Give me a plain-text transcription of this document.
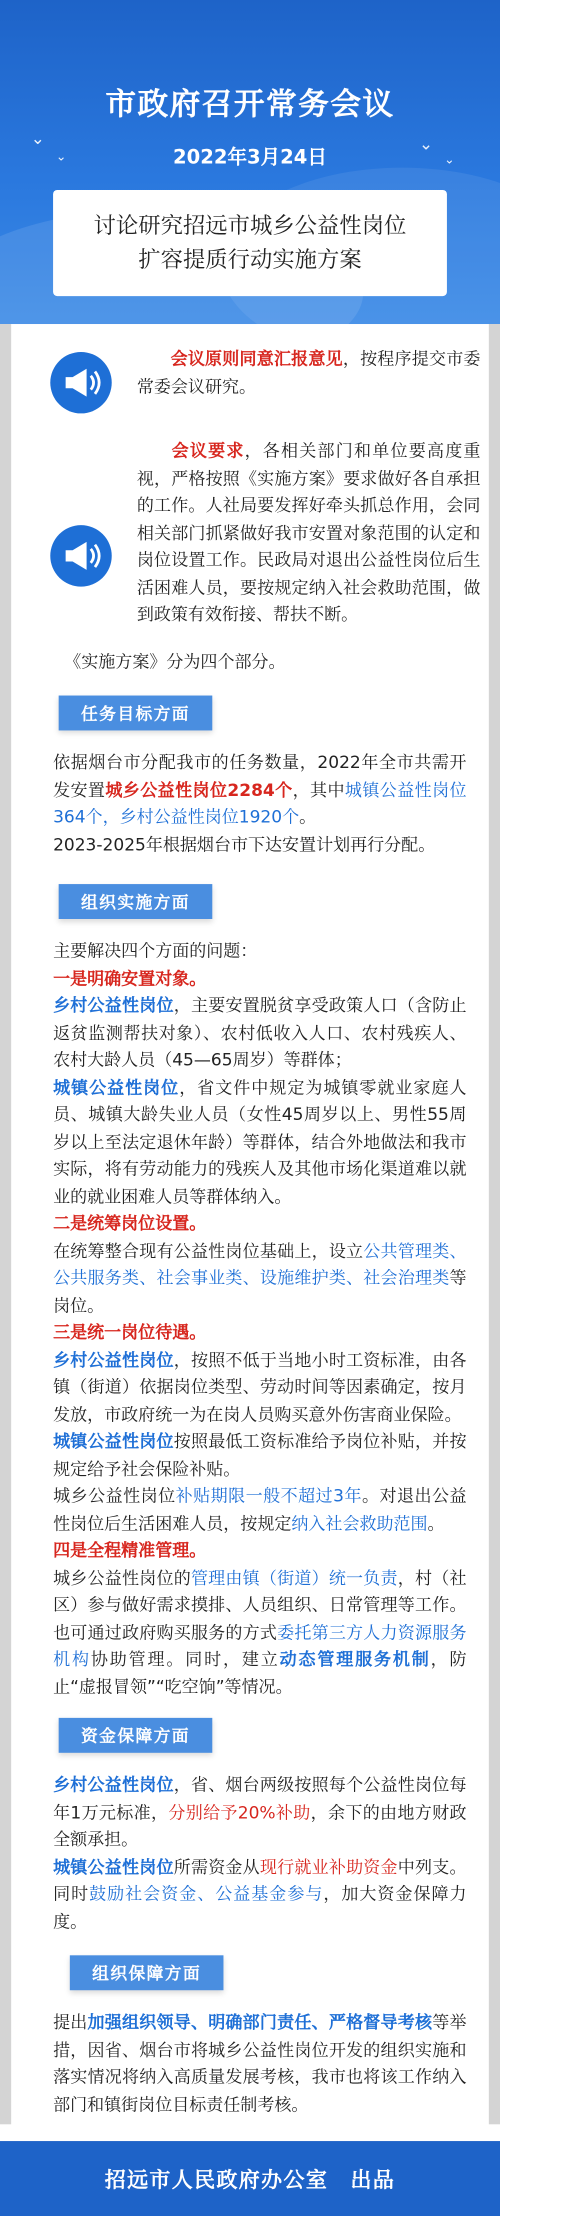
⌄
⌄
⌄
⌄
市政府召开常务会议
2022年3月24日
讨论研究招远市城乡公益性岗位
扩容提质行动实施方案
会议原则同意汇报意见，按程序提交市委常委会议研究。
会议要求，各相关部门和单位要高度重视，严格按照《实施方案》要求做好各自承担的工作。人社局要发挥好牵头抓总作用，会同相关部门抓紧做好我市安置对象范围的认定和岗位设置工作。民政局对退出公益性岗位后生活困难人员，要按规定纳入社会救助范围，做到政策有效衔接、帮扶不断。
《实施方案》分为四个部分。
任务目标方面
依据烟台市分配我市的任务数量，2022年全市共需开发安置城乡公益性岗位2284个，其中城镇公益性岗位364个，乡村公益性岗位1920个。
2023-2025年根据烟台市下达安置计划再行分配。
组织实施方面
主要解决四个方面的问题：
一是明确安置对象。
乡村公益性岗位，主要安置脱贫享受政策人口（含防止返贫监测帮扶对象）、农村低收入人口、农村残疾人、农村大龄人员（45—65周岁）等群体；
城镇公益性岗位，省文件中规定为城镇零就业家庭人员、城镇大龄失业人员（女性45周岁以上、男性55周岁以上至法定退休年龄）等群体，结合外地做法和我市实际，将有劳动能力的残疾人及其他市场化渠道难以就业的就业困难人员等群体纳入。
二是统筹岗位设置。
在统筹整合现有公益性岗位基础上，设立公共管理类、公共服务类、社会事业类、设施维护类、社会治理类等岗位。
三是统一岗位待遇。
乡村公益性岗位，按照不低于当地小时工资标准，由各镇（街道）依据岗位类型、劳动时间等因素确定，按月发放，市政府统一为在岗人员购买意外伤害商业保险。
城镇公益性岗位按照最低工资标准给予岗位补贴，并按规定给予社会保险补贴。
城乡公益性岗位补贴期限一般不超过3年。对退出公益性岗位后生活困难人员，按规定纳入社会救助范围。
四是全程精准管理。
城乡公益性岗位的管理由镇（街道）统一负责，村（社区）参与做好需求摸排、人员组织、日常管理等工作。也可通过政府购买服务的方式委托第三方人力资源服务机构协助管理。同时，建立动态管理服务机制，防止“虚报冒领”“吃空饷”等情况。
资金保障方面
乡村公益性岗位，省、烟台两级按照每个公益性岗位每年1万元标准，分别给予20%补助，余下的由地方财政全额承担。
城镇公益性岗位所需资金从现行就业补助资金中列支。同时鼓励社会资金、公益基金参与，加大资金保障力度。
组织保障方面
提出加强组织领导、明确部门责任、严格督导考核等举措，因省、烟台市将城乡公益性岗位开发的组织实施和落实情况将纳入高质量发展考核，我市也将该工作纳入部门和镇街岗位目标责任制考核。
招远市人民政府办公室　出品
